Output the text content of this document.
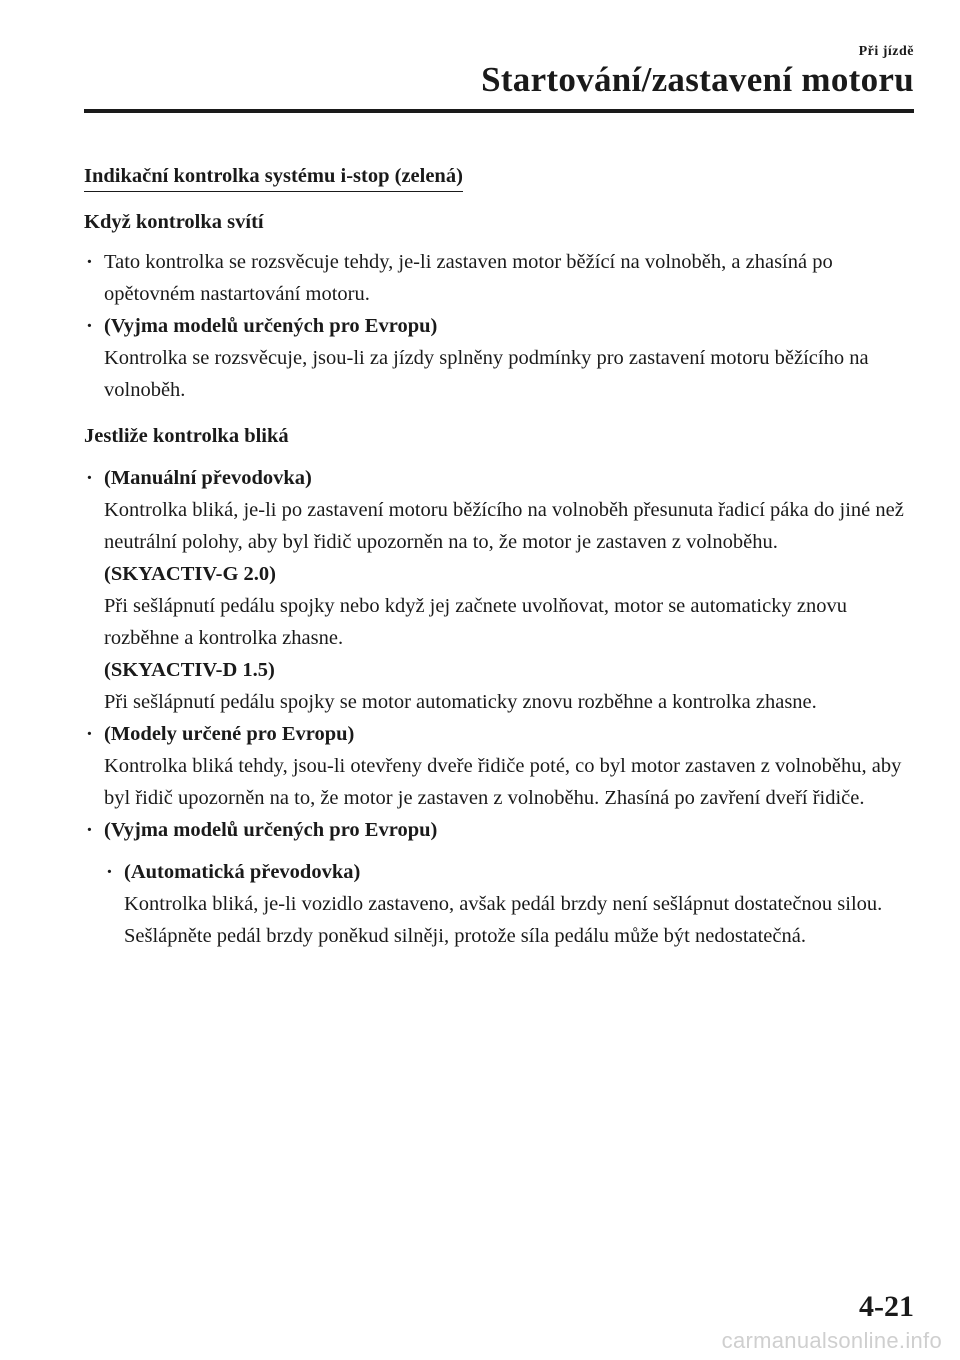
Při jízdě
Startování/zastavení motoru
Indikační kontrolka systému i-stop (zelená)
Když kontrolka svítí
· Tato kontrolka se rozsvěcuje tehdy, je-li zastaven motor běžící na volnoběh, a zhasíná po opětovném nastartování motoru.
· (Vyjma modelů určených pro Evropu)
Kontrolka se rozsvěcuje, jsou-li za jízdy splněny podmínky pro zastavení motoru běžícího na volnoběh.
Jestliže kontrolka bliká
· (Manuální převodovka)
Kontrolka bliká, je-li po zastavení motoru běžícího na volnoběh přesunuta řadicí páka do jiné než neutrální polohy, aby byl řidič upozorněn na to, že motor je zastaven z volnoběhu.
(SKYACTIV-G 2.0)
Při sešlápnutí pedálu spojky nebo když jej začnete uvolňovat, motor se automaticky znovu rozběhne a kontrolka zhasne.
(SKYACTIV-D 1.5)
Při sešlápnutí pedálu spojky se motor automaticky znovu rozběhne a kontrolka zhasne.
· (Modely určené pro Evropu)
Kontrolka bliká tehdy, jsou-li otevřeny dveře řidiče poté, co byl motor zastaven z volnoběhu, aby byl řidič upozorněn na to, že motor je zastaven z volnoběhu. Zhasíná po zavření dveří řidiče.
· (Vyjma modelů určených pro Evropu)
· (Automatická převodovka)
Kontrolka bliká, je-li vozidlo zastaveno, avšak pedál brzdy není sešlápnut dostatečnou silou. Sešlápněte pedál brzdy poněkud silněji, protože síla pedálu může být nedostatečná.
4-21
carmanualsonline.info
